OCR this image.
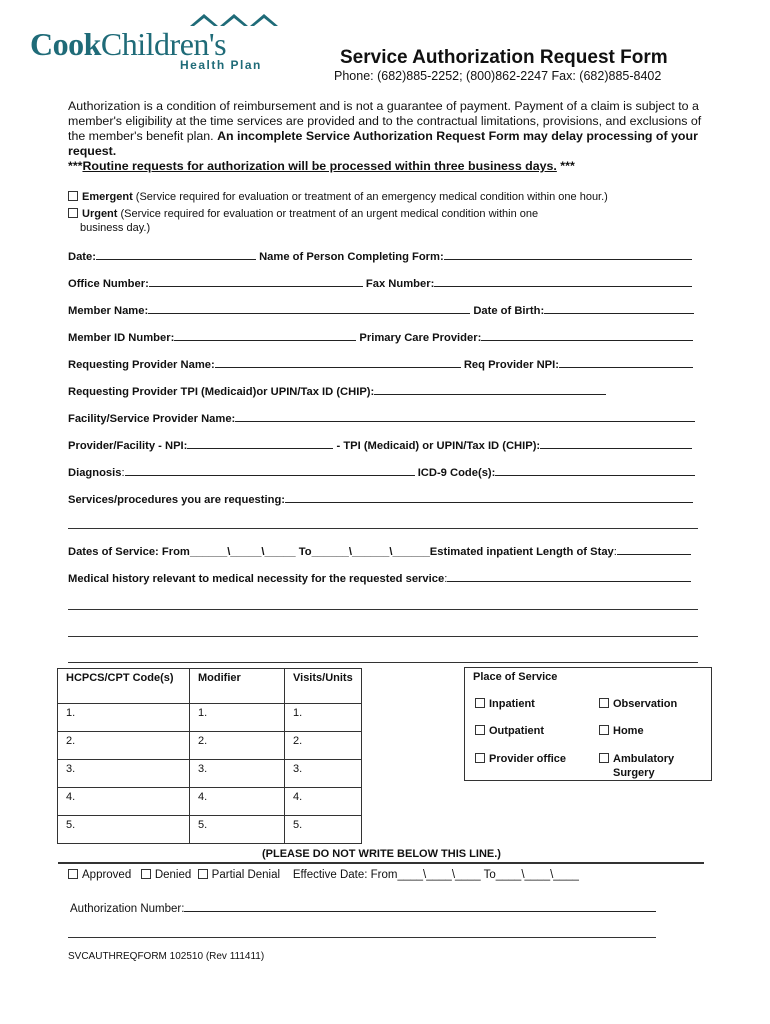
CookChildren's
Health Plan	Service Authorization Request Form
Phone: (682)885-2252; (800)862-2247 Fax: (682)885-8402
Authorization is a condition of reimbursement and is not a guarantee of payment. Payment of a claim is subject to a member's eligibility at the time services are provided and to the contractual limitations, provisions, and exclusions of the member's benefit plan. An incomplete Service Authorization Request Form may delay processing of your request.
***Routine requests for authorization will be processed within three business days. ***
Emergent (Service required for evaluation or treatment of an emergency medical condition within one hour.)
Urgent (Service required for evaluation or treatment of an urgent medical condition within one
business day.)
Date:	Name of Person Completing Form:
Office Number:	Fax Number:
Member Name:	Date of Birth:
Member ID Number:	Primary Care Provider:
Requesting Provider Name:	Req Provider NPI:
Requesting Provider TPI (Medicaid)or UPIN/Tax ID (CHIP):
Facility/Service Provider Name:
Provider/Facility - NPI:	- TPI (Medicaid) or UPIN/Tax ID (CHIP):
Diagnosis:	ICD-9 Code(s):
Services/procedures you are requesting:
Dates of Service: From______\_____\_____ To______\______\______Estimated inpatient Length of Stay:
Medical history relevant to medical necessity for the requested service:
HCPCS/CPT Code(s)	Modifier	Visits/Units
1.	1.	1.
2.	2.	2.
3.	3.	3.
4.	4.	4.
5.	5.	5.
Place of Service
Inpatient	Observation
Outpatient	Home
Provider office	Ambulatory
Surgery
(PLEASE DO NOT WRITE BELOW THIS LINE.)
Approved Denied Partial Denial Effective Date: From____\____\____ To____\____\____
Authorization Number:
SVCAUTHREQFORM 102510 (Rev 111411)
